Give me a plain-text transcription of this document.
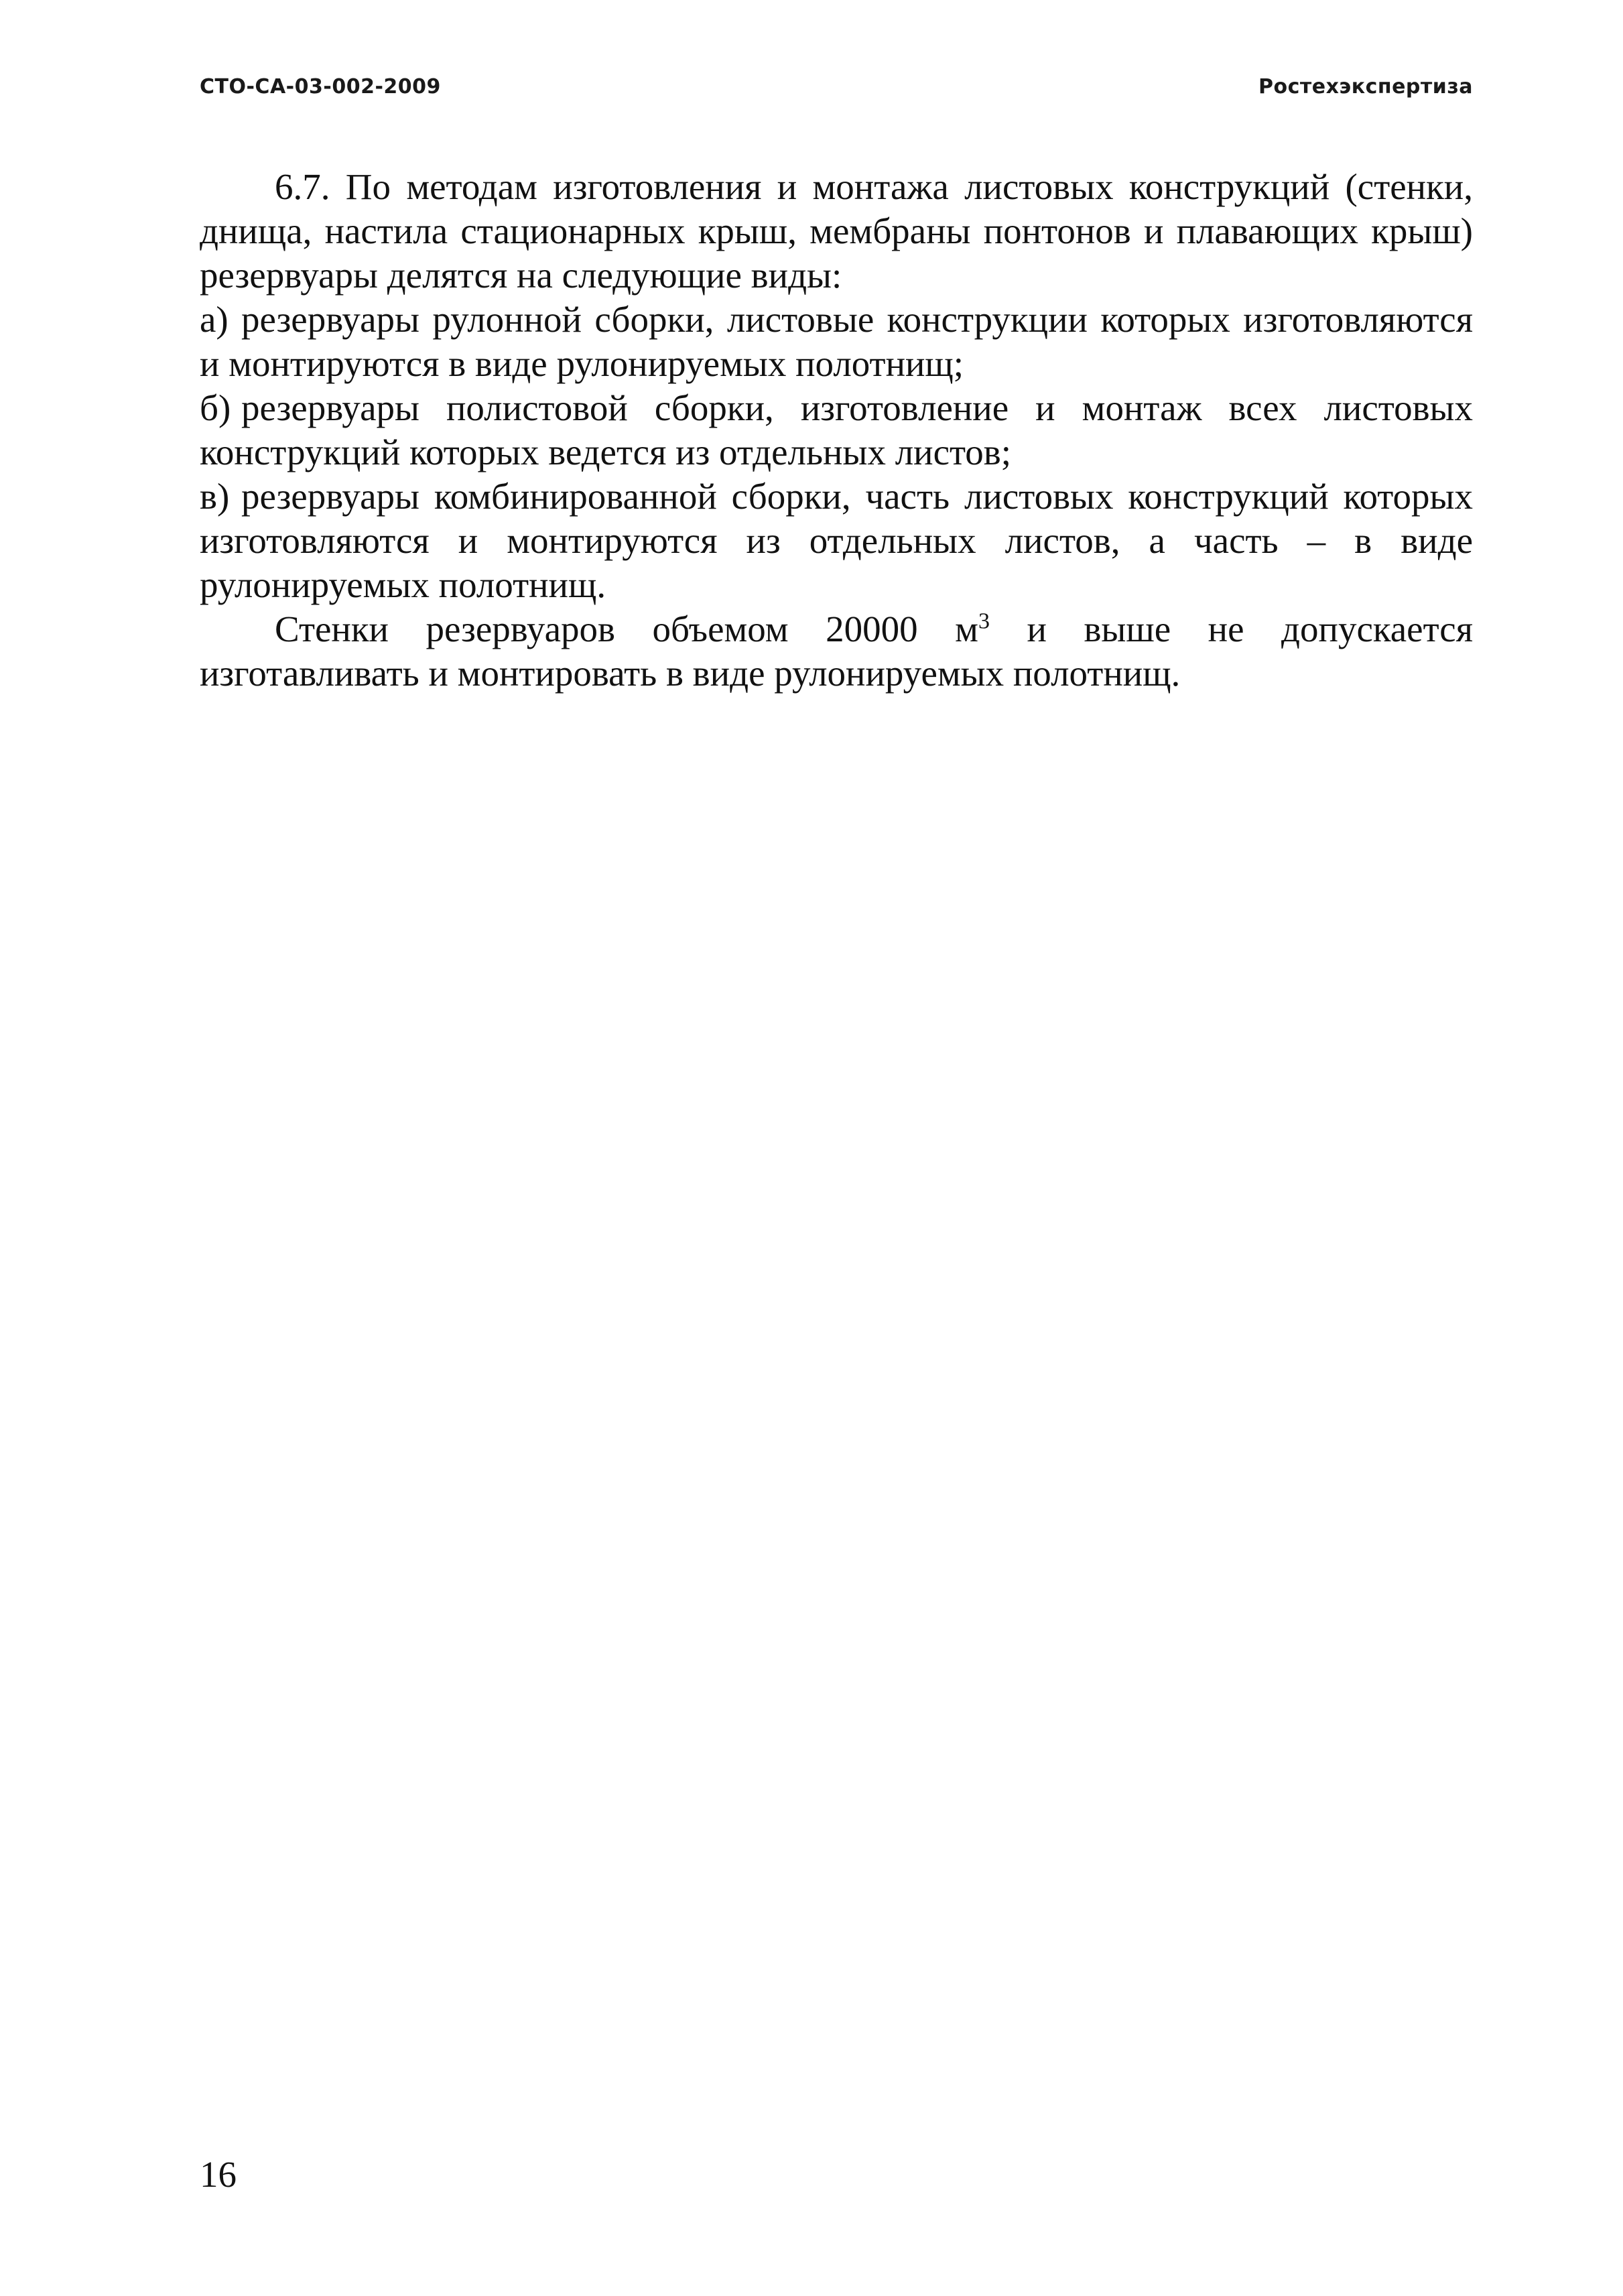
СТО-СА-03-002-2009	Ростехэкспертиза

6.7. По методам изготовления и монтажа листовых конструкций (стенки, днища, настила стационарных крыш, мембраны понтонов и плавающих крыш) резервуары делятся на следующие виды:

а) резервуары рулонной сборки, листовые конструкции которых изготовляются и монтируются в виде рулонируемых полотнищ;

б) резервуары полистовой сборки, изготовление и монтаж всех листовых конструкций которых ведется из отдельных листов;

в) резервуары комбинированной сборки, часть листовых конструкций которых изготовляются и монтируются из отдельных листов, а часть – в виде рулонируемых полотнищ.

Стенки резервуаров объемом 20000 $м^3$ и выше не допускается изготавливать и монтировать в виде рулонируемых полотнищ.

16
